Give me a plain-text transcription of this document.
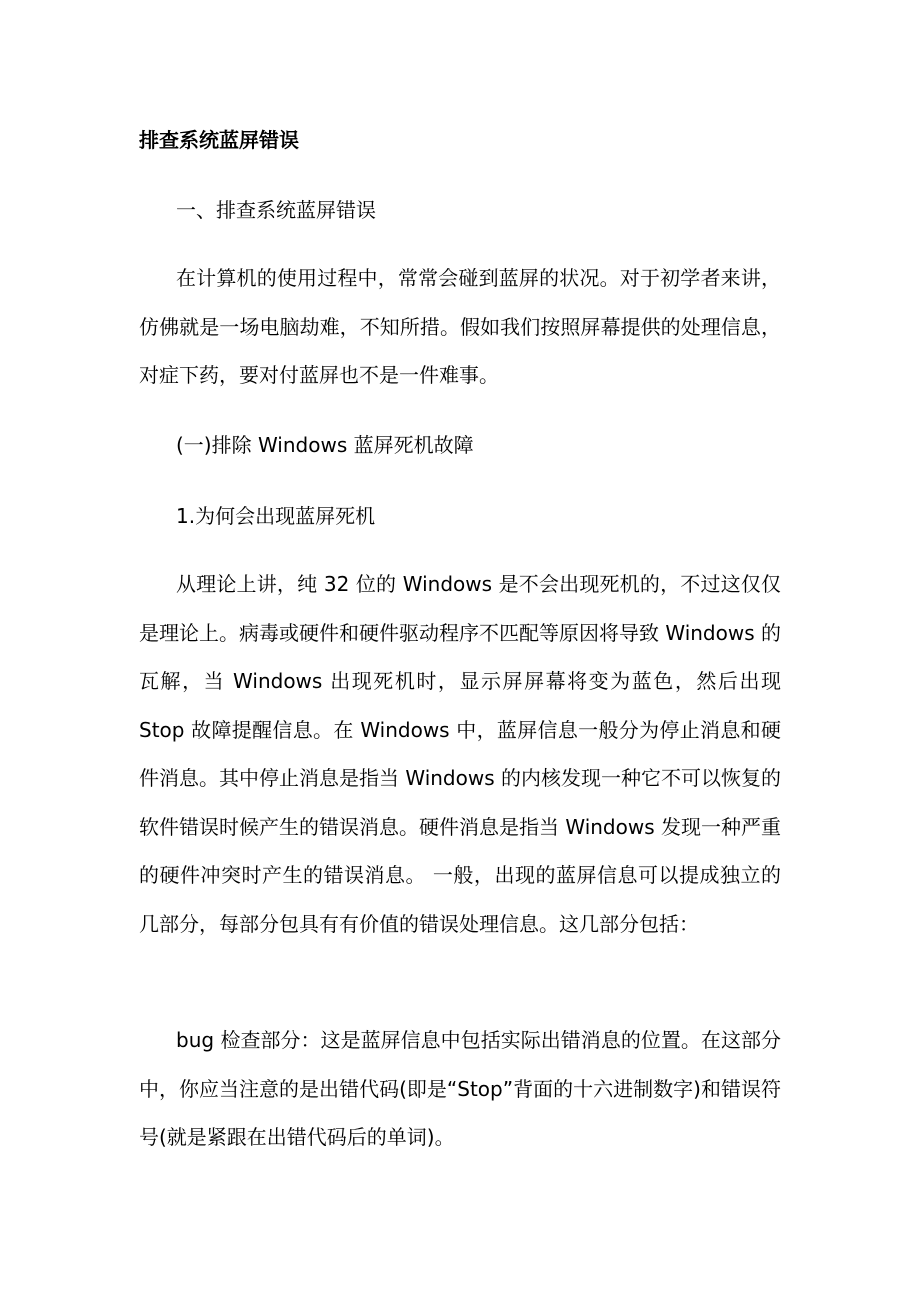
排查系统蓝屏错误
一、排查系统蓝屏错误

在计算机的使用过程中，常常会碰到蓝屏的状况。对于初学者来讲，仿佛就是一场电脑劫难，不知所措。假如我们按照屏幕提供的处理信息，对症下药，要对付蓝屏也不是一件难事。

(一)排除 Windows 蓝屏死机故障
1.为何会出现蓝屏死机

从理论上讲，纯 32 位的 Windows 是不会出现死机的，不过这仅仅是理论上。病毒或硬件和硬件驱动程序不匹配等原因将导致 Windows 的瓦解，当 Windows 出现死机时，显示屏屏幕将变为蓝色，然后出现 Stop 故障提醒信息。在 Windows 中，蓝屏信息一般分为停止消息和硬件消息。其中停止消息是指当 Windows 的内核发现一种它不可以恢复的软件错误时候产生的错误消息。硬件消息是指当 Windows 发现一种严重的硬件冲突时产生的错误消息。 一般，出现的蓝屏信息可以提成独立的几部分，每部分包具有有价值的错误处理信息。这几部分包括：

bug 检查部分：这是蓝屏信息中包括实际出错消息的位置。在这部分中，你应当注意的是出错代码(即是“Stop”背面的十六进制数字)和错误符号(就是紧跟在出错代码后的单词)。
